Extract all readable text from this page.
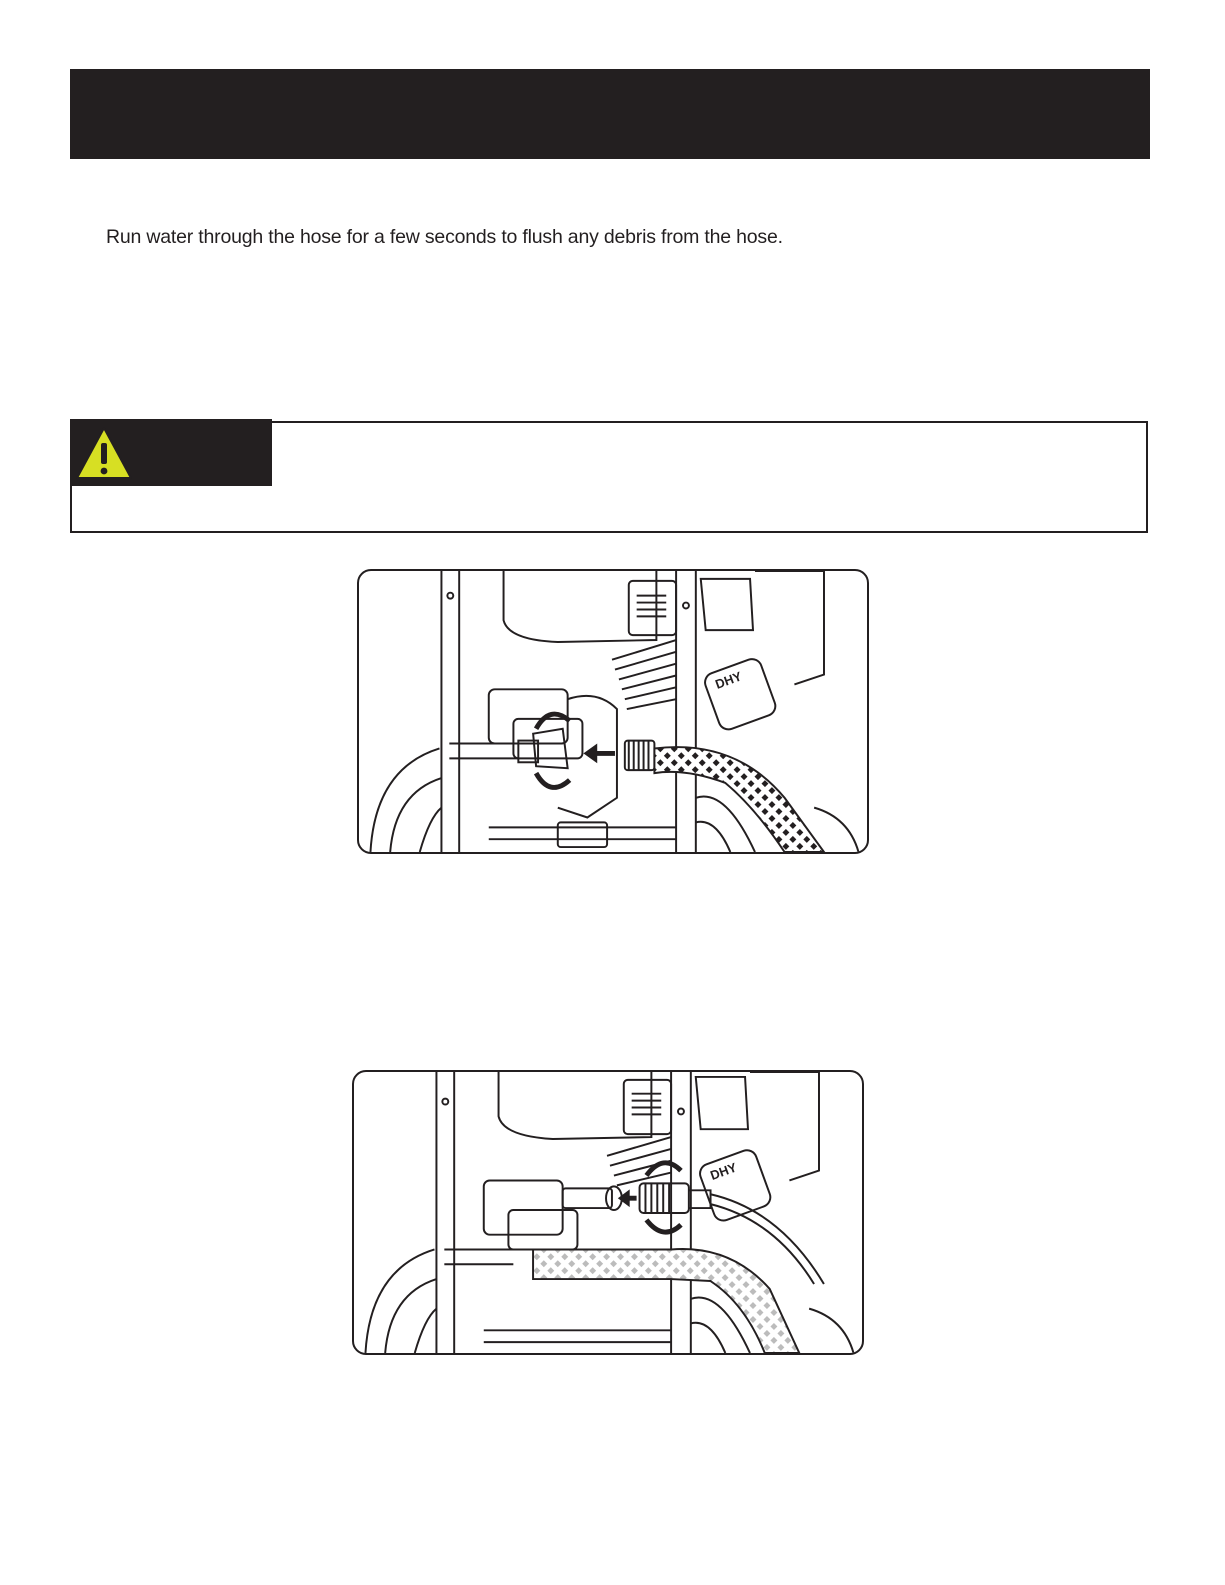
Run water through the hose for a few seconds to flush any debris from the hose.
DHY
DHY
